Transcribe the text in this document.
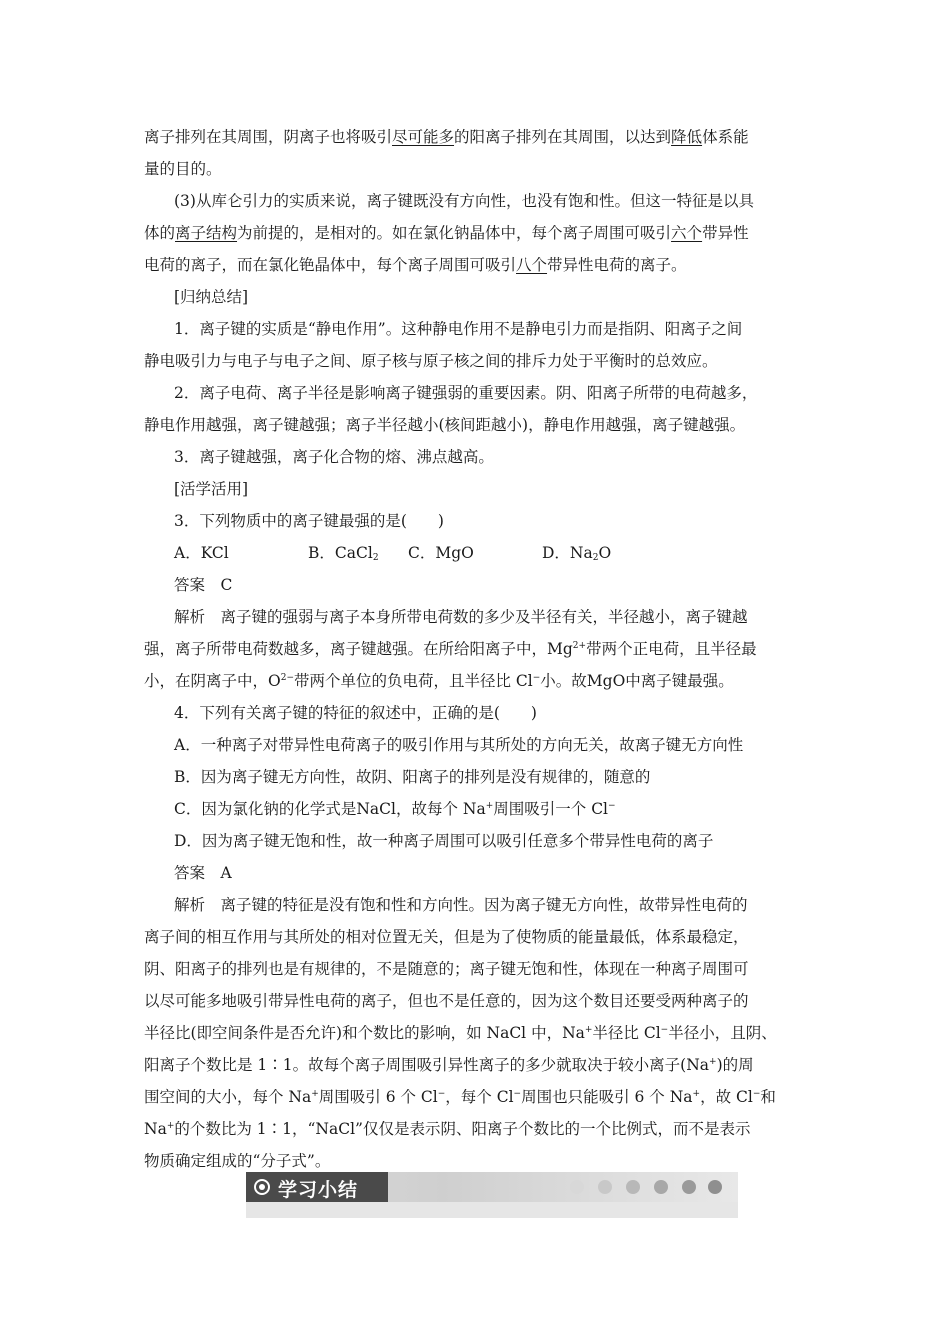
离子排列在其周围，阴离子也将吸引尽可能多的阳离子排列在其周围，以达到降低体系能
量的目的。
(3)从库仑引力的实质来说，离子键既没有方向性，也没有饱和性。但这一特征是以具
体的离子结构为前提的，是相对的。如在氯化钠晶体中，每个离子周围可吸引六个带异性
电荷的离子，而在氯化铯晶体中，每个离子周围可吸引八个带异性电荷的离子。
[归纳总结]
1．离子键的实质是“静电作用”。这种静电作用不是静电引力而是指阴、阳离子之间
静电吸引力与电子与电子之间、原子核与原子核之间的排斥力处于平衡时的总效应。
2．离子电荷、离子半径是影响离子键强弱的重要因素。阴、阳离子所带的电荷越多，
静电作用越强，离子键越强；离子半径越小(核间距越小)，静电作用越强，离子键越强。
3．离子键越强，离子化合物的熔、沸点越高。
[活学活用]
3．下列物质中的离子键最强的是(　　)
A．KCl	B．CaCl$_2$ C．MgO	D．$Na_2O$
答案　C
解析　离子键的强弱与离子本身所带电荷数的多少及半径有关，半径越小，离子键越
强，离子所带电荷数越多，离子键越强。在所给阳离子中，$Mg^{2+}$带两个正电荷，且半径最
小，在阴离子中，$O^{2-}$带两个单位的负电荷，且半径比 Cl−小。故MgO中离子键最强。
4．下列有关离子键的特征的叙述中，正确的是(　　)
A．一种离子对带异性电荷离子的吸引作用与其所处的方向无关，故离子键无方向性
B．因为离子键无方向性，故阴、阳离子的排列是没有规律的，随意的
C．因为氯化钠的化学式是NaCl，故每个 Na+周围吸引一个 Cl−
D．因为离子键无饱和性，故一种离子周围可以吸引任意多个带异性电荷的离子
答案　A
解析　离子键的特征是没有饱和性和方向性。因为离子键无方向性，故带异性电荷的
离子间的相互作用与其所处的相对位置无关，但是为了使物质的能量最低，体系最稳定，
阴、阳离子的排列也是有规律的，不是随意的；离子键无饱和性，体现在一种离子周围可
以尽可能多地吸引带异性电荷的离子，但也不是任意的，因为这个数目还要受两种离子的
半径比(即空间条件是否允许)和个数比的影响，如 NaCl 中，Na+半径比 Cl−半径小，且阴、
阳离子个数比是 1∶1。故每个离子周围吸引异性离子的多少就取决于较小离子(Na+)的周
围空间的大小，每个 Na+周围吸引 6 个 Cl−，每个 Cl−周围也只能吸引 6 个 Na+，故 Cl−和
Na+的个数比为 1∶1，“NaCl”仅仅是表示阴、阳离子个数比的一个比例式，而不是表示
物质确定组成的“分子式”。
学习小结
